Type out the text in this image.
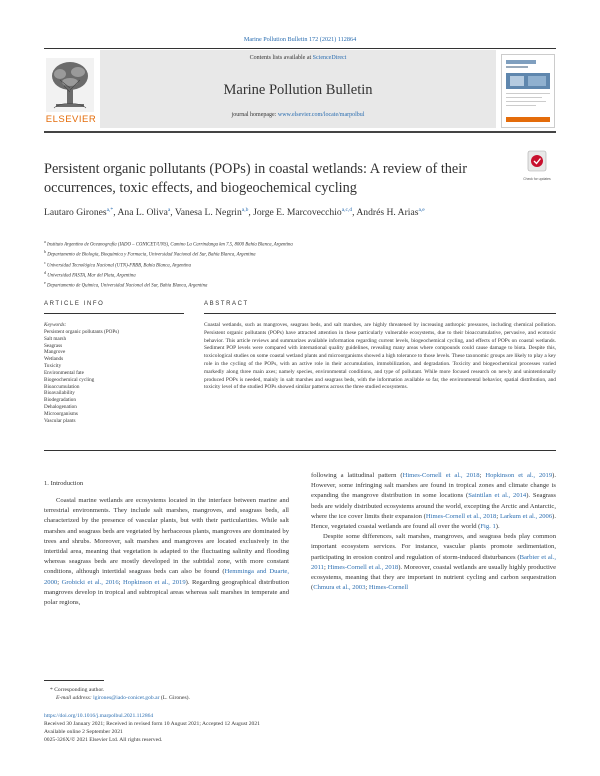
Marine Pollution Bulletin 172 (2021) 112864
ELSEVIER
Contents lists available at ScienceDirect
Marine Pollution Bulletin
journal homepage: www.elsevier.com/locate/marpolbul
Persistent organic pollutants (POPs) in coastal wetlands: A review of their occurrences, toxic effects, and biogeochemical cycling
Check for updates
Lautaro Girones$^{a,*}$, Ana L. Oliva$^a$, Vanesa L. Negrin$^{a,b}$, Jorge E. Marcovecchio$^{a,c,d}$, Andrés H. Arias$^{a,e}$
$^a$ Instituto Argentino de Oceanografía (IADO – CONICET/UNS), Camino La Carrindanga km 7.5, 8000 Bahía Blanca, Argentina
$^b$ Departamento de Biología, Bioquímica y Farmacia, Universidad Nacional del Sur, Bahía Blanca, Argentina
$^c$ Universidad Tecnológica Nacional (UTN)-FRBB, Bahía Blanca, Argentina
$^d$ Universidad FASTA, Mar del Plata, Argentina
$^e$ Departamento de Química, Universidad Nacional del Sur, Bahía Blanca, Argentina
ARTICLE INFO	ABSTRACT
Keywords:
Persistent organic pollutants (POPs)
Salt marsh
Seagrass
Mangrove
Wetlands
Toxicity
Environmental fate
Biogeochemical cycling
Bioaccumulation
Bioavailability
Biodegradation
Dehalogenation
Microorganisms
Vascular plants
Coastal wetlands, such as mangroves, seagrass beds, and salt marshes, are highly threatened by increasing anthropic pressures, including chemical pollution. Persistent organic pollutants (POPs) have attracted attention in these particularly vulnerable ecosystems, due to their bioaccumulative, pervasive, and ecotoxic behavior. This article reviews and summarizes available information regarding current levels, biogeochemical cycling, and effects of POPs on coastal wetlands. Sediment POP levels were compared with international quality guidelines, revealing many areas where compounds could cause damage to biota. Despite this, toxicological studies on some coastal wetland plants and microorganisms showed a high tolerance to those levels. These taxonomic groups are likely to play a key role in the cycling of the POPs, with an active role in their accumulation, immobilization, and degradation. Toxicity and biogeochemical processes varied markedly along three main axes; namely species, environmental conditions, and type of pollutant. While more focused research on newly and unintentionally produced POPs is needed, mainly in salt marshes and seagrass beds, with the information available so far, the environmental behavior, spatial distribution, and toxicity level of the studied POPs showed similar patterns across the three studied ecosystems.
1. Introduction
Coastal marine wetlands are ecosystems located in the interface between marine and terrestrial environments. They include salt marshes, mangroves, and seagrass beds, all characterized by the presence of vascular plants, but with their particularities. While salt marshes and seagrass beds are vegetated by herbaceous plants, mangroves are dominated by trees and shrubs. Moreover, salt marshes and mangroves are located exclusively in the intertidal area, meaning that vegetation is adapted to the fluctuating salinity and flooding whereas seagrass beds are mostly developed in the subtidal zone, with more constant conditions, although intertidal seagrass beds can also be found (Hemminga and Duarte, 2000; Grobicki et al., 2016; Hopkinson et al., 2019). Regarding geographical distribution mangroves develop in tropical and subtropical areas whereas salt marshes in temperate and polar regions,

following a latitudinal pattern (Himes-Cornell et al., 2018; Hopkinson et al., 2019). However, some infringing salt marshes are found in tropical zones and climate change is expanding the mangrove distribution in some locations (Saintilan et al., 2014). Seagrass beds are widely distributed ecosystems around the world, excepting the Arctic and Antarctic, where the ice cover limits their expansion (Himes-Cornell et al., 2018; Larkum et al., 2006). Hence, vegetated coastal wetlands are found all over the world (Fig. 1).

Despite some differences, salt marshes, mangroves, and seagrass beds play common important ecosystem services. For instance, vascular plants promote sedimentation, participating in erosion control and regulation of storm-induced disturbances (Barbier et al., 2011; Himes-Cornell et al., 2018). Moreover, coastal wetlands are usually highly productive ecosystems, meaning that they are important in nutrient cycling and carbon sequestration (Chmura et al., 2003; Himes-Cornell

* Corresponding author.
E-mail address: lgirones@iado-conicet.gob.ar (L. Girones).
https://doi.org/10.1016/j.marpolbul.2021.112864
Received 30 January 2021; Received in revised form 10 August 2021; Accepted 12 August 2021
Available online 2 September 2021
0025-326X/© 2021 Elsevier Ltd. All rights reserved.
